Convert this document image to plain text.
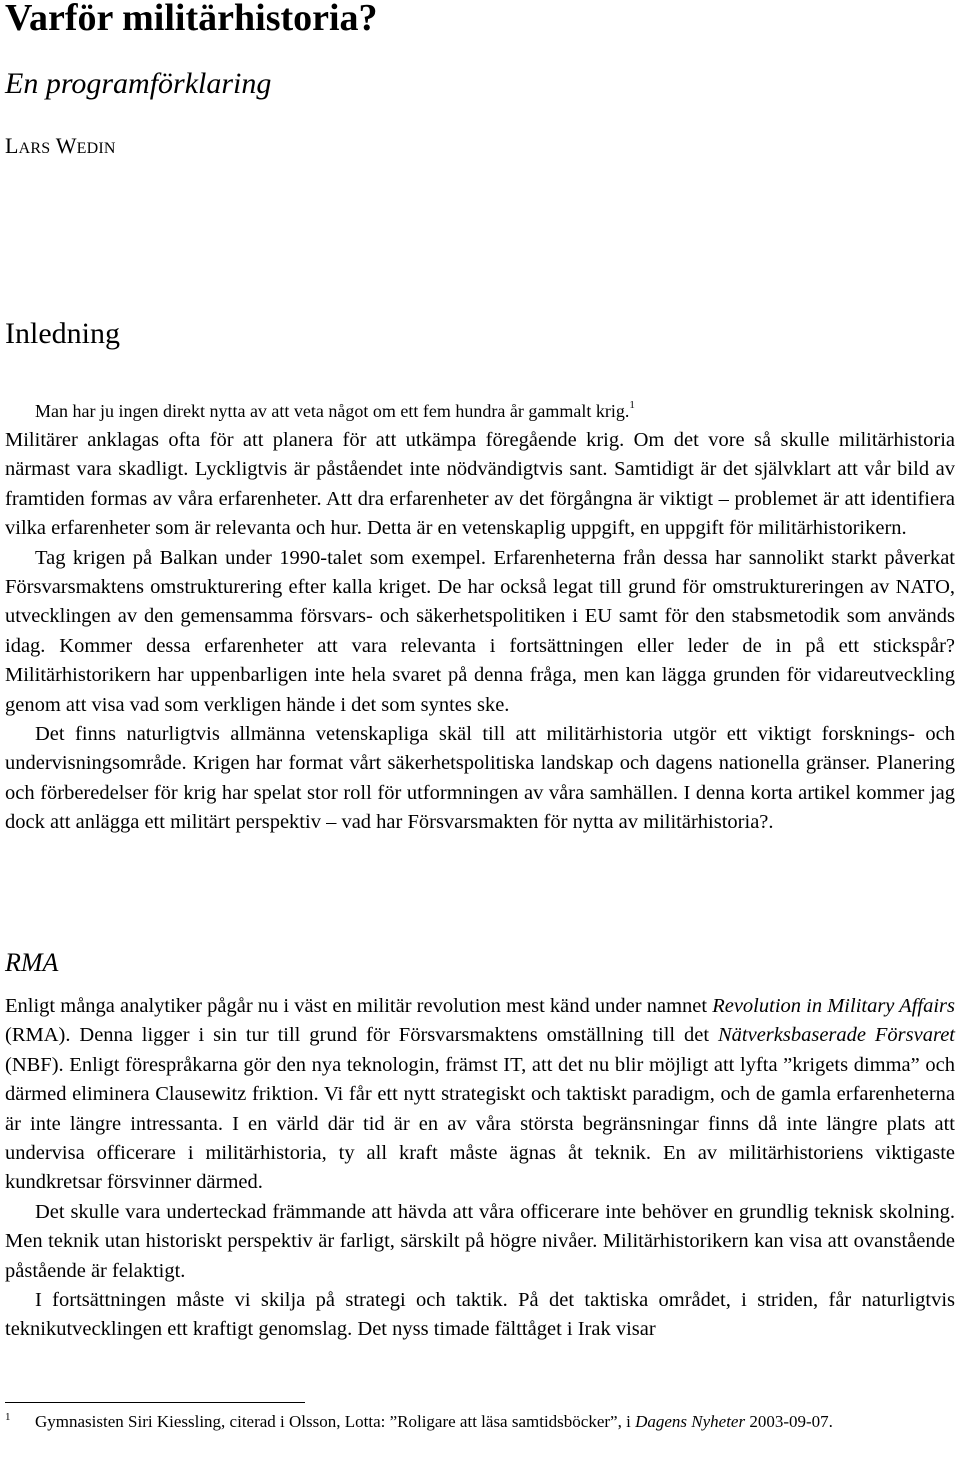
Varför militärhistoria?
En programförklaring
LARS WEDIN
Inledning
Man har ju ingen direkt nytta av att veta något om ett fem hundra år gammalt krig.$^1$

Militärer anklagas ofta för att planera för att utkämpa föregående krig. Om det vore så skulle militärhistoria närmast vara skadligt. Lyckligtvis är påståendet inte nödvändigtvis sant. Samtidigt är det självklart att vår bild av framtiden formas av våra erfarenheter. Att dra erfarenheter av det förgångna är viktigt – problemet är att identifiera vilka erfarenheter som är relevanta och hur. Detta är en vetenskaplig uppgift, en uppgift för militärhistorikern.

Tag krigen på Balkan under 1990-talet som exempel. Erfarenheterna från dessa har sannolikt starkt påverkat Försvarsmaktens omstrukturering efter kalla kriget. De har också legat till grund för omstruktureringen av NATO, utvecklingen av den gemensamma försvars- och säkerhetspolitiken i EU samt för den stabsmetodik som används idag. Kommer dessa erfarenheter att vara relevanta i fortsättningen eller leder de in på ett stickspår? Militärhistorikern har uppenbarligen inte hela svaret på denna fråga, men kan lägga grunden för vidareutveckling genom att visa vad som verkligen hände i det som syntes ske.

Det finns naturligtvis allmänna vetenskapliga skäl till att militärhistoria utgör ett viktigt forsknings- och undervisningsområde. Krigen har format vårt säkerhetspolitiska landskap och dagens nationella gränser. Planering och förberedelser för krig har spelat stor roll för utformningen av våra samhällen. I denna korta artikel kommer jag dock att anlägga ett militärt perspektiv – vad har Försvarsmakten för nytta av militärhistoria?.

RMA

Enligt många analytiker pågår nu i väst en militär revolution mest känd under namnet Revolution in Military Affairs (RMA). Denna ligger i sin tur till grund för Försvarsmaktens omställning till det Nätverksbaserade Försvaret (NBF). Enligt förespråkarna gör den nya teknologin, främst IT, att det nu blir möjligt att lyfta ”krigets dimma” och därmed eliminera Clausewitz friktion. Vi får ett nytt strategiskt och taktiskt paradigm, och de gamla erfarenheterna är inte längre intressanta. I en värld där tid är en av våra största begränsningar finns då inte längre plats att undervisa officerare i militärhistoria, ty all kraft måste ägnas åt teknik. En av militärhistoriens viktigaste kundkretsar försvinner därmed.

Det skulle vara underteckad främmande att hävda att våra officerare inte behöver en grundlig teknisk skolning. Men teknik utan historiskt perspektiv är farligt, särskilt på högre nivåer. Militärhistorikern kan visa att ovanstående påstående är felaktigt.

I fortsättningen måste vi skilja på strategi och taktik. På det taktiska området, i striden, får naturligtvis teknikutvecklingen ett kraftigt genomslag. Det nyss timade fälttåget i Irak visar

1 Gymnasisten Siri Kiessling, citerad i Olsson, Lotta: ”Roligare att läsa samtidsböcker”, i Dagens Nyheter 2003-09-07.
